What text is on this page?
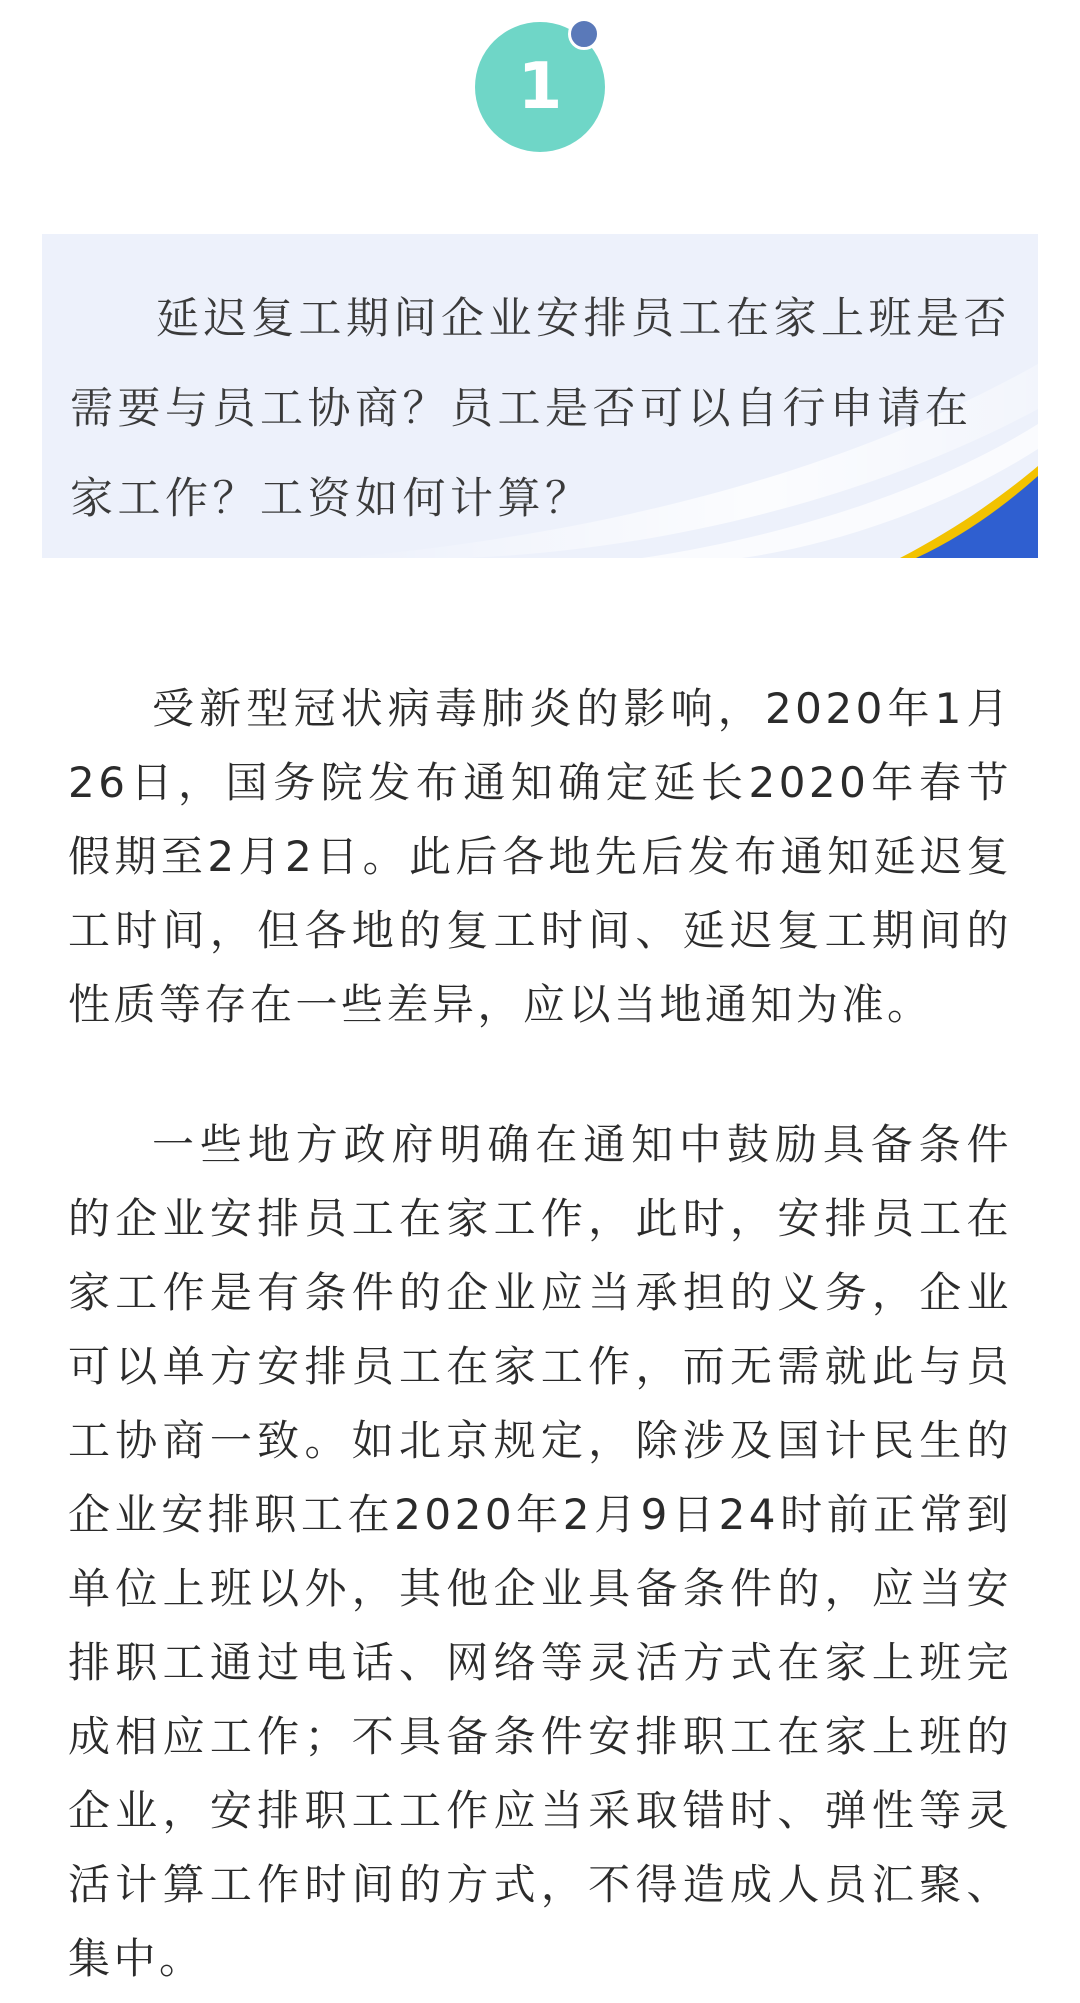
1

延迟复工期间企业安排员工在家上班是否需要与员工协商？员工是否可以自行申请在家工作？工资如何计算？

受新型冠状病毒肺炎的影响，2020年1月26日，国务院发布通知确定延长2020年春节假期至2月2日。此后各地先后发布通知延迟复工时间，但各地的复工时间、延迟复工期间的性质等存在一些差异，应以当地通知为准。

一些地方政府明确在通知中鼓励具备条件的企业安排员工在家工作，此时，安排员工在家工作是有条件的企业应当承担的义务，企业可以单方安排员工在家工作，而无需就此与员工协商一致。如北京规定，除涉及国计民生的企业安排职工在2020年2月9日24时前正常到单位上班以外，其他企业具备条件的，应当安排职工通过电话、网络等灵活方式在家上班完成相应工作；不具备条件安排职工在家上班的企业，安排职工工作应当采取错时、弹性等灵活计算工作时间的方式，不得造成人员汇聚、集中。
